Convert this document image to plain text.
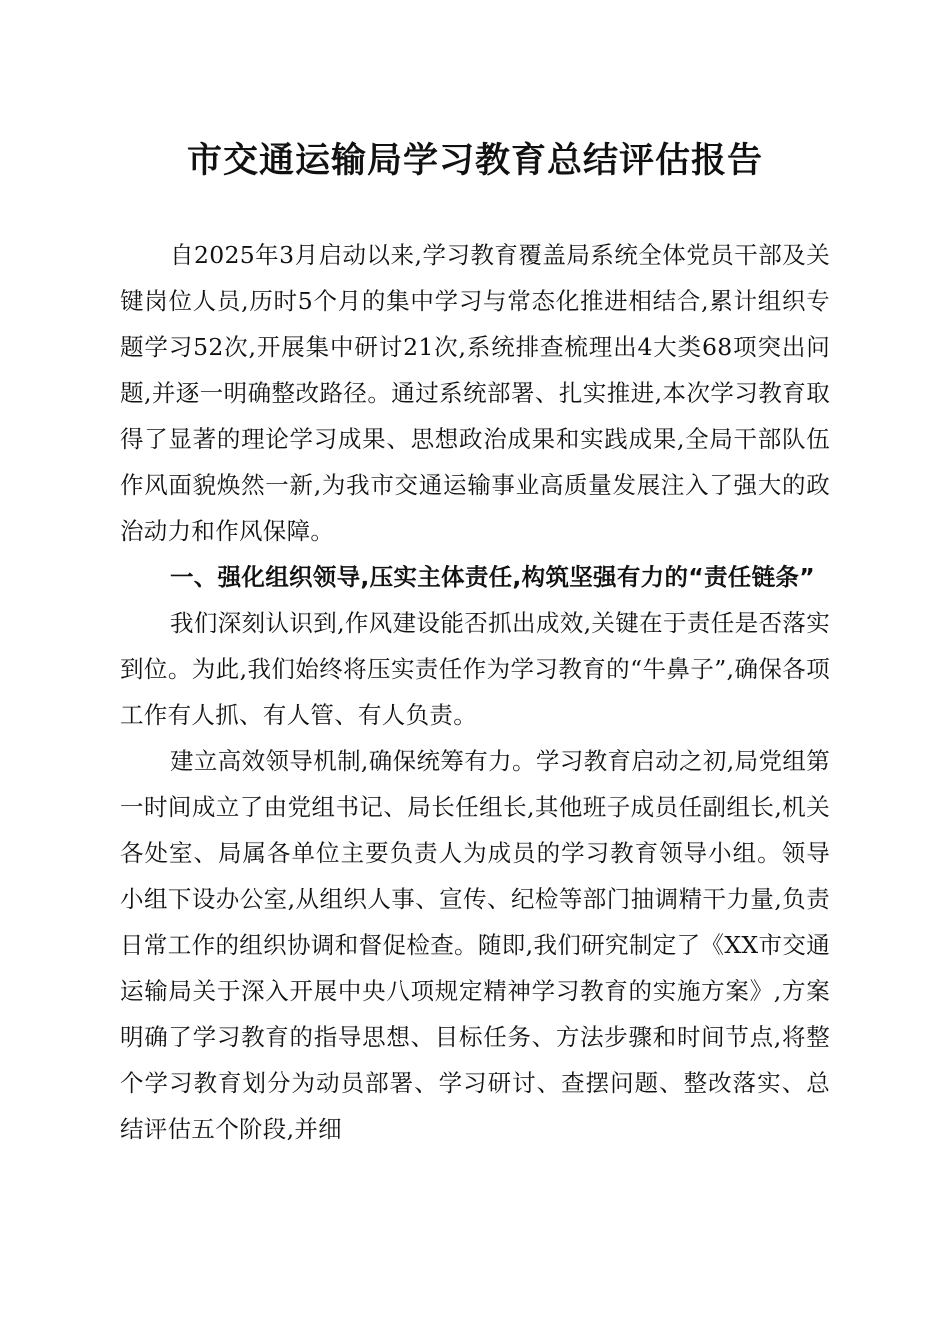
市交通运输局学习教育总结评估报告

自2025年3月启动以来,学习教育覆盖局系统全体党员干部及关键岗位人员,历时5个月的集中学习与常态化推进相结合,累计组织专题学习52次,开展集中研讨21次,系统排查梳理出4大类68项突出问题,并逐一明确整改路径。通过系统部署、扎实推进,本次学习教育取得了显著的理论学习成果、思想政治成果和实践成果,全局干部队伍作风面貌焕然一新,为我市交通运输事业高质量发展注入了强大的政治动力和作风保障。

一、强化组织领导,压实主体责任,构筑坚强有力的“责任链条”

我们深刻认识到,作风建设能否抓出成效,关键在于责任是否落实到位。为此,我们始终将压实责任作为学习教育的“牛鼻子”,确保各项工作有人抓、有人管、有人负责。

建立高效领导机制,确保统筹有力。学习教育启动之初,局党组第一时间成立了由党组书记、局长任组长,其他班子成员任副组长,机关各处室、局属各单位主要负责人为成员的学习教育领导小组。领导小组下设办公室,从组织人事、宣传、纪检等部门抽调精干力量,负责日常工作的组织协调和督促检查。随即,我们研究制定了《XX市交通运输局关于深入开展中央八项规定精神学习教育的实施方案》,方案明确了学习教育的指导思想、目标任务、方法步骤和时间节点,将整个学习教育划分为动员部署、学习研讨、查摆问题、整改落实、总结评估五个阶段,并细
